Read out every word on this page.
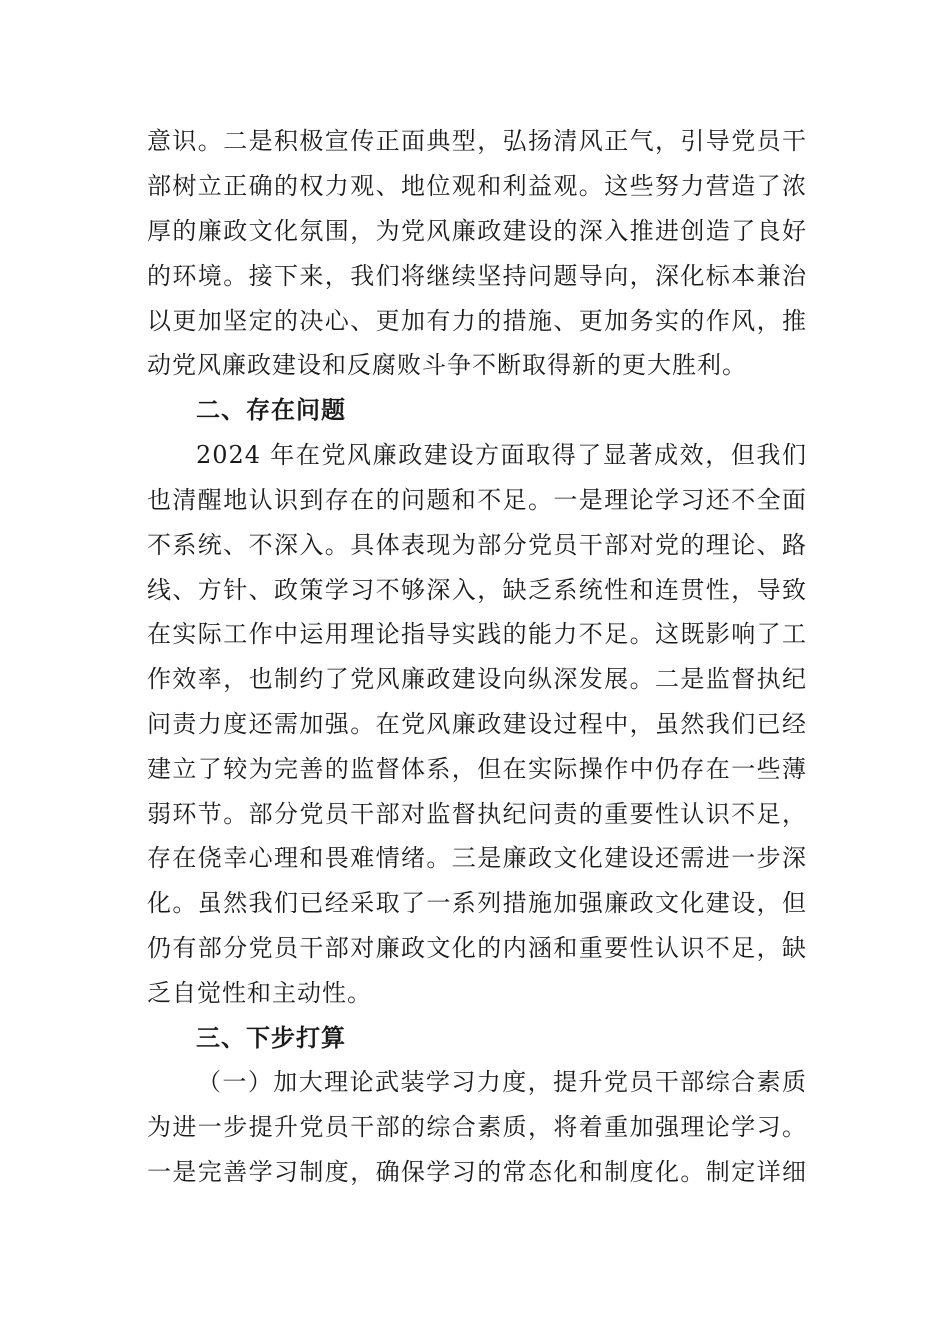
意识。二是积极宣传正面典型，弘扬清风正气，引导党员干
部树立正确的权力观、地位观和利益观。这些努力营造了浓
厚的廉政文化氛围，为党风廉政建设的深入推进创造了良好
的环境。接下来，我们将继续坚持问题导向，深化标本兼治
以更加坚定的决心、更加有力的措施、更加务实的作风，推
动党风廉政建设和反腐败斗争不断取得新的更大胜利。
二、存在问题
2024 年在党风廉政建设方面取得了显著成效，但我们
也清醒地认识到存在的问题和不足。一是理论学习还不全面
不系统、不深入。具体表现为部分党员干部对党的理论、路
线、方针、政策学习不够深入，缺乏系统性和连贯性，导致
在实际工作中运用理论指导实践的能力不足。这既影响了工
作效率，也制约了党风廉政建设向纵深发展。二是监督执纪
问责力度还需加强。在党风廉政建设过程中，虽然我们已经
建立了较为完善的监督体系，但在实际操作中仍存在一些薄
弱环节。部分党员干部对监督执纪问责的重要性认识不足，
存在侥幸心理和畏难情绪。三是廉政文化建设还需进一步深
化。虽然我们已经采取了一系列措施加强廉政文化建设，但
仍有部分党员干部对廉政文化的内涵和重要性认识不足，缺
乏自觉性和主动性。
三、下步打算
（一）加大理论武装学习力度，提升党员干部综合素质
为进一步提升党员干部的综合素质，将着重加强理论学习。
一是完善学习制度，确保学习的常态化和制度化。制定详细
